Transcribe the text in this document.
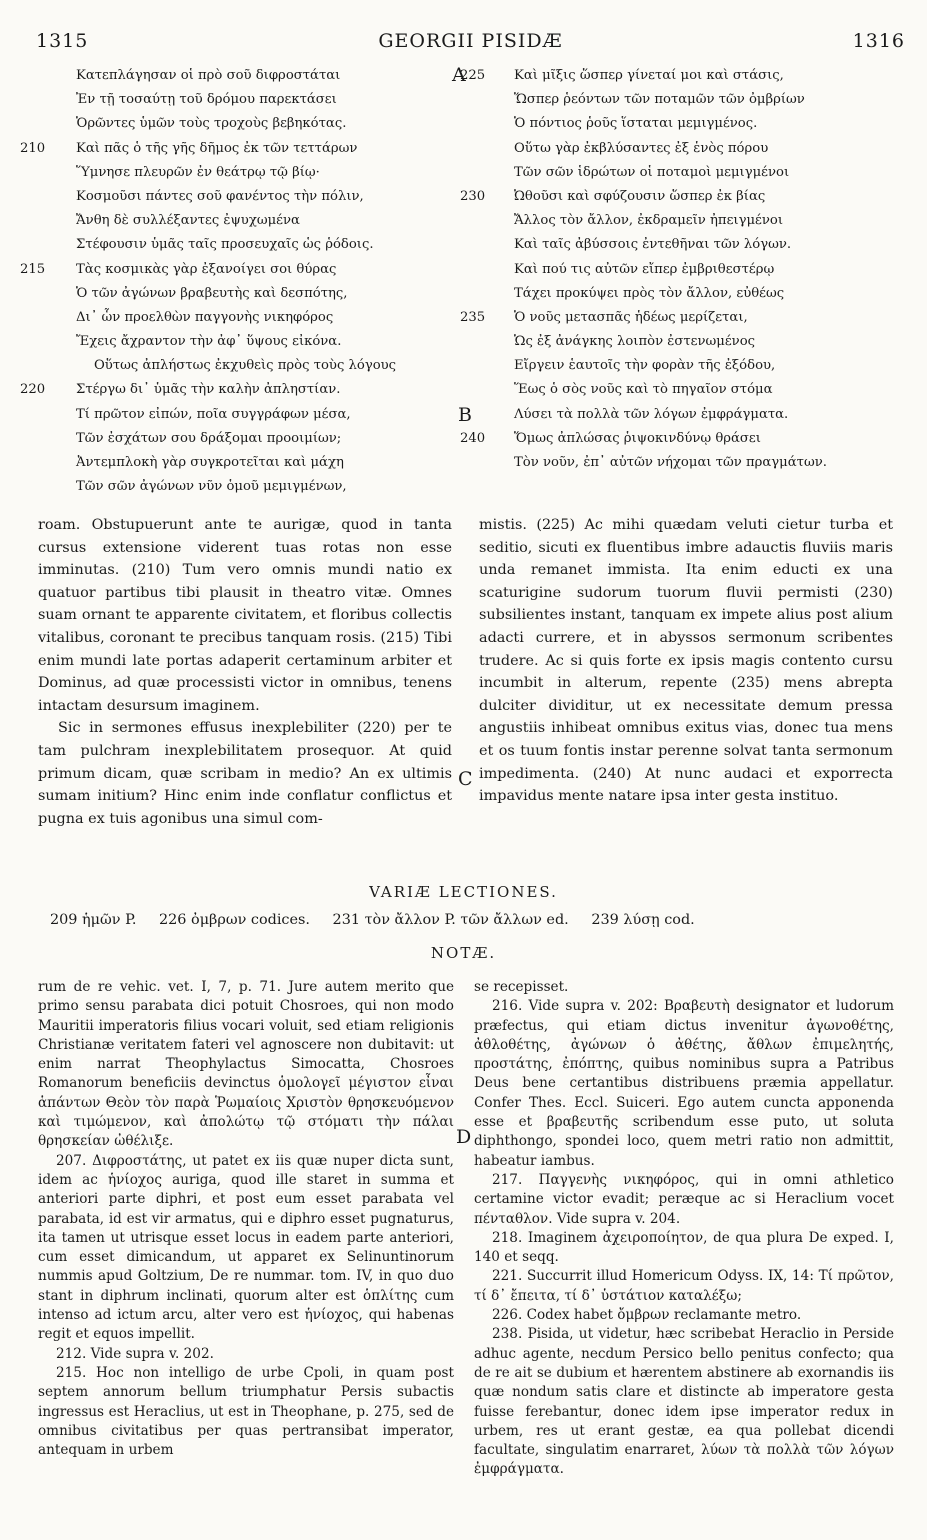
1315	GEORGII PISIDÆ	1316
Κατεπλάγησαν οἱ πρὸ σοῦ διφροστάται
Ἐν τῇ τοσαύτῃ τοῦ δρόμου παρεκτάσει
Ὁρῶντες ὑμῶν τοὺς τροχοὺς βεβηκότας.
210	Καὶ πᾶς ὁ τῆς γῆς δῆμος ἐκ τῶν τεττάρων
Ὕμνησε πλευρῶν ἐν θεάτρῳ τῷ βίῳ·
Κοσμοῦσι πάντες σοῦ φανέντος τὴν πόλιν,
Ἄνθη δὲ συλλέξαντες ἐψυχωμένα
Στέφουσιν ὑμᾶς ταῖς προσευχαῖς ὡς ῥόδοις.
215	Τὰς κοσμικὰς γὰρ ἐξανοίγει σοι θύρας
Ὁ τῶν ἀγώνων βραβευτὴς καὶ δεσπότης,
Δι᾽ ὧν προελθὼν παγγονὴς νικηφόρος
Ἔχεις ἄχραντον τὴν ἀφ᾽ ὕψους εἰκόνα.
Οὕτως ἀπλήστως ἐκχυθεὶς πρὸς τοὺς λόγους
220	Στέργω δι᾽ ὑμᾶς τὴν καλὴν ἀπληστίαν.
Τί πρῶτον εἰπών, ποῖα συγγράφων μέσα,
Τῶν ἐσχάτων σου δράξομαι προοιμίων;
Ἀντεμπλοκὴ γὰρ συγκροτεῖται καὶ μάχη
Τῶν σῶν ἀγώνων νῦν ὁμοῦ μεμιγμένων,
225	Καὶ μῖξις ὥσπερ γίνεταί μοι καὶ στάσις,
Ὥσπερ ῥεόντων τῶν ποταμῶν τῶν ὀμβρίων
Ὁ πόντιος ῥοῦς ἵσταται μεμιγμένος.
Οὕτω γὰρ ἐκβλύσαντες ἐξ ἑνὸς πόρου
Τῶν σῶν ἱδρώτων οἱ ποταμοὶ μεμιγμένοι
230	Ὠθοῦσι καὶ σφύζουσιν ὥσπερ ἐκ βίας
Ἄλλος τὸν ἄλλον, ἐκδραμεῖν ἠπειγμένοι
Καὶ ταῖς ἀβύσσοις ἐντεθῆναι τῶν λόγων.
Καὶ πού τις αὐτῶν εἴπερ ἐμβριθεστέρῳ
Τάχει προκύψει πρὸς τὸν ἄλλον, εὐθέως
235	Ὁ νοῦς μετασπᾶς ἡδέως μερίζεται,
Ὡς ἐξ ἀνάγκης λοιπὸν ἐστενωμένος
Εἴργειν ἑαυτοῖς τὴν φορὰν τῆς ἐξόδου,
Ἕως ὁ σὸς νοῦς καὶ τὸ πηγαῖον στόμα
Λύσει τὰ πολλὰ τῶν λόγων ἐμφράγματα.
240	Ὅμως ἀπλώσας ῥιψοκινδύνῳ θράσει
Τὸν νοῦν, ἐπ᾽ αὐτῶν νήχομαι τῶν πραγμάτων.
A
B
C
D

roam. Obstupuerunt ante te aurigæ, quod in tanta cursus extensione viderent tuas rotas non esse imminutas. (210) Tum vero omnis mundi natio ex quatuor partibus tibi plausit in theatro vitæ. Omnes suam ornant te apparente civitatem, et floribus collectis vitalibus, coronant te precibus tanquam rosis. (215) Tibi enim mundi late portas adaperit certaminum arbiter et Dominus, ad quæ processisti victor in omnibus, tenens intactam desursum imaginem.

Sic in sermones effusus inexplebiliter (220) per te tam pulchram inexplebilitatem prosequor. At quid primum dicam, quæ scribam in medio? An ex ultimis sumam initium? Hinc enim inde conflatur conflictus et pugna ex tuis agonibus una simul com-

mistis. (225) Ac mihi quædam veluti cietur turba et seditio, sicuti ex fluentibus imbre adauctis fluviis maris unda remanet immista. Ita enim educti ex una scaturigine sudorum tuorum fluvii permisti (230) subsilientes instant, tanquam ex impete alius post alium adacti currere, et in abyssos sermonum scribentes trudere. Ac si quis forte ex ipsis magis contento cursu incumbit in alterum, repente (235) mens abrepta dulciter dividitur, ut ex necessitate demum pressa angustiis inhibeat omnibus exitus vias, donec tua mens et os tuum fontis instar perenne solvat tanta sermonum impedimenta. (240) At nunc audaci et exporrecta impavidus mente natare ipsa inter gesta instituo.

VARIÆ LECTIONES.
209 ἡμῶν P. 226 ὀμβρων codices. 231 τὸν ἄλλον P. τῶν ἄλλων ed. 239 λύσῃ cod.
NOTÆ.

rum de re vehic. vet. I, 7, p. 71. Jure autem merito que primo sensu parabata dici potuit Chosroes, qui non modo Mauritii imperatoris filius vocari voluit, sed etiam religionis Christianæ veritatem fateri vel agnoscere non dubitavit: ut enim narrat Theophylactus Simocatta, Chosroes Romanorum beneficiis devinctus ὁμολογεῖ μέγιστον εἶναι ἁπάντων Θεὸν τὸν παρὰ Ῥωμαίοις Χριστὸν θρησκευόμενον καὶ τιμώμενον, καὶ ἀπολώτῳ τῷ στόματι τὴν πάλαι θρησκείαν ὠθέλιξε.

207. Διφροστάτης, ut patet ex iis quæ nuper dicta sunt, idem ac ἡνίοχος auriga, quod ille staret in summa et anteriori parte diphri, et post eum esset parabata vel parabata, id est vir armatus, qui e diphro esset pugnaturus, ita tamen ut utrisque esset locus in eadem parte anteriori, cum esset dimicandum, ut apparet ex Selinuntinorum nummis apud Goltzium, De re nummar. tom. IV, in quo duo stant in diphrum inclinati, quorum alter est ὁπλίτης cum intenso ad ictum arcu, alter vero est ἡνίοχος, qui habenas regit et equos impellit.

212. Vide supra v. 202.

215. Hoc non intelligo de urbe Cpoli, in quam post septem annorum bellum triumphatur Persis subactis ingressus est Heraclius, ut est in Theophane, p. 275, sed de omnibus civitatibus per quas pertransibat imperator, antequam in urbem

se recepisset.

216. Vide supra v. 202: Βραβευτὴ designator et ludorum præfectus, qui etiam dictus invenitur ἀγωνοθέτης, ἀθλοθέτης, ἀγώνων ὁ ἀθέτης, ἄθλων ἐπιμελητής, προστάτης, ἐπόπτης, quibus nominibus supra a Patribus Deus bene certantibus distribuens præmia appellatur. Confer Thes. Eccl. Suiceri. Ego autem cuncta apponenda esse et βραβευτῆς scribendum esse puto, ut soluta diphthongo, spondei loco, quem metri ratio non admittit, habeatur iambus.

217. Παγγενὴς νικηφόρος, qui in omni athletico certamine victor evadit; peræque ac si Heraclium vocet πένταθλον. Vide supra v. 204.

218. Imaginem ἀχειροποίητον, de qua plura De exped. I, 140 et seqq.

221. Succurrit illud Homericum Odyss. IX, 14: Τί πρῶτον, τί δ᾽ ἔπειτα, τί δ᾽ ὑστάτιον καταλέξω;

226. Codex habet ὄμβρων reclamante metro.

238. Pisida, ut videtur, hæc scribebat Heraclio in Perside adhuc agente, necdum Persico bello penitus confecto; qua de re ait se dubium et hærentem abstinere ab exornandis iis quæ nondum satis clare et distincte ab imperatore gesta fuisse ferebantur, donec idem ipse imperator redux in urbem, res ut erant gestæ, ea qua pollebat dicendi facultate, singulatim enarraret, λύων τὰ πολλὰ τῶν λόγων ἐμφράγματα.
